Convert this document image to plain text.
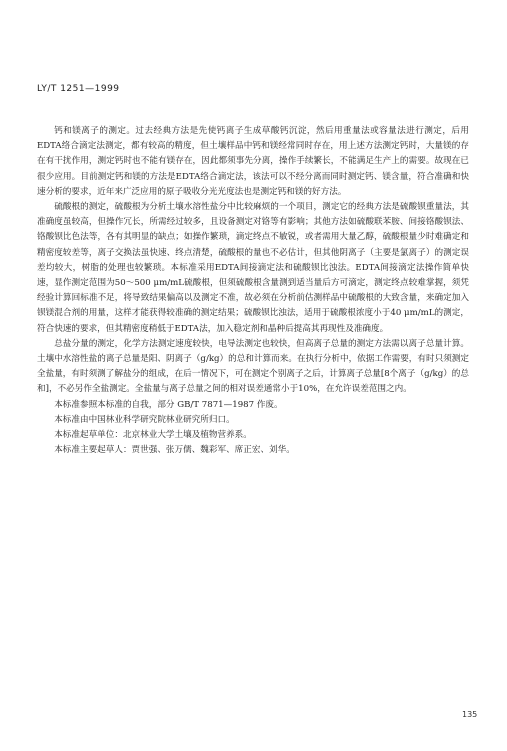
LY/T 1251—1999

钙和镁离子的测定。过去经典方法是先使钙离子生成草酸钙沉淀，然后用重量法或容量法进行测定，后用EDTA络合滴定法测定，都有较高的精度，但土壤样品中钙和镁经常同时存在，用上述方法测定钙时，大量镁的存在有干扰作用，测定钙时也不能有镁存在，因此都须事先分离，操作手续繁长，不能满足生产上的需要。故现在已很少应用。目前测定钙和镁的方法是EDTA络合滴定法，该法可以不经分离而同时测定钙、镁含量，符合准确和快速分析的要求，近年来广泛应用的原子吸收分光光度法也是测定钙和镁的好方法。

硫酸根的测定，硫酸根为分析土壤水溶性盐分中比较麻烦的一个项目，测定它的经典方法是硫酸钡重量法，其准确度虽较高，但操作冗长，所需经过较多，且设备测定对铬等有影响；其他方法如硫酸联苯胺、间接铬酸钡法、铬酸钡比色法等，各有其明显的缺点；如操作繁琐，滴定终点不敏锐，或者需用大量乙醇，硫酸根量少时难确定和精密度较差等，离子交换法虽快速、终点清楚，硫酸根的量也不必估计，但其他阴离子（主要是氯离子）的测定误差均较大，树脂的处理也较繁琐。本标准采用EDTA间接滴定法和硫酸钡比浊法。EDTA间接滴定法操作简单快速，显作测定范围为50～500 μm/mL硫酸根，但须硫酸根含量测到适当量后方可滴定，测定终点较难掌握，须凭经验计算回标准不足，将导致结果偏高以及测定不准，故必须在分析前估测样品中硫酸根的大致含量，来确定加入钡镁混合剂的用量，这样才能获得较准确的测定结果；硫酸钡比浊法，适用于硫酸根浓度小于40 μm/mL的测定，符合快速的要求，但其精密度稍低于EDTA法，加入稳定剂和晶种后提高其再现性及准确度。

总盐分量的测定，化学方法测定速度较快，电导法测定也较快，但高离子总量的测定方法需以离子总量计算。土壤中水溶性盐的离子总量是阳、阴离子（g/kg）的总和计算而来。在执行分析中，依据工作需要，有时只须测定全盐量，有时须测了解盐分的组成，在后一情况下，可在测定个别离子之后，计算离子总量[8个离子（g/kg）的总和]，不必另作全盐测定。全盐量与离子总量之间的相对误差通常小于10%，在允许误差范围之内。

本标准参照本标准的自我，部分 GB/T 7871—1987 作废。

本标准由中国林业科学研究院林业研究所归口。

本标准起草单位：北京林业大学土壤及植物营养系。

本标准主要起草人：贾世强、张万儒、魏彩军、席正宏、刘华。

135
